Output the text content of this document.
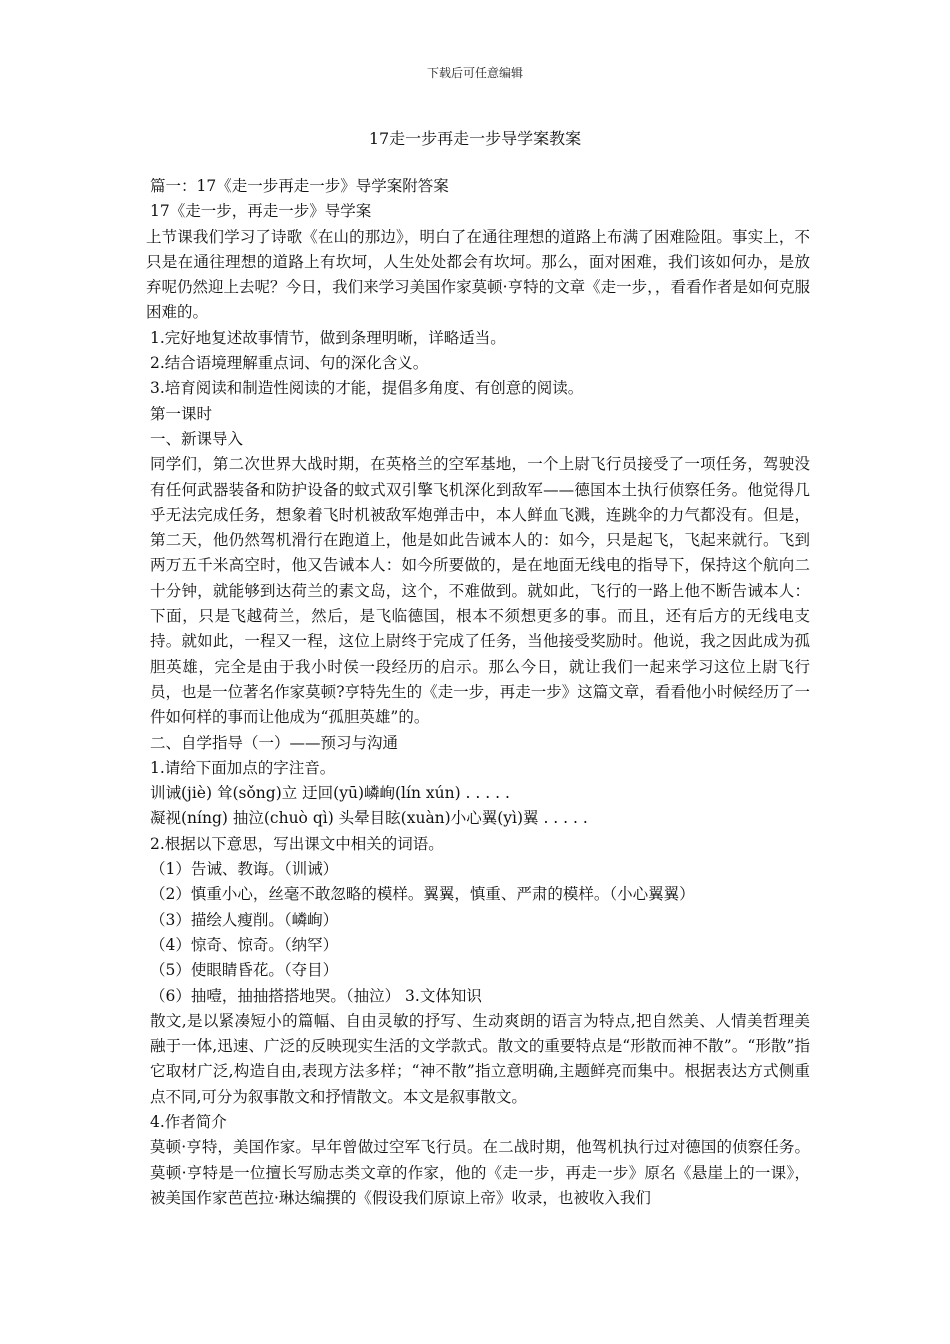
下载后可任意编辑
17走一步再走一步导学案教案

篇一：17《走一步再走一步》导学案附答案

17《走一步，再走一步》导学案

上节课我们学习了诗歌《在山的那边》，明白了在通往理想的道路上布满了困难险阻。事实上，不只是在通往理想的道路上有坎坷，人生处处都会有坎坷。那么，面对困难，我们该如何办，是放弃呢仍然迎上去呢？今日，我们来学习美国作家莫顿·亨特的文章《走一步，，看看作者是如何克服困难的。

1.完好地复述故事情节，做到条理明晰，详略适当。

2.结合语境理解重点词、句的深化含义。

3.培育阅读和制造性阅读的才能，提倡多角度、有创意的阅读。

第一课时

一、新课导入

同学们，第二次世界大战时期，在英格兰的空军基地，一个上尉飞行员接受了一项任务，驾驶没有任何武器装备和防护设备的蚊式双引擎飞机深化到敌军——德国本土执行侦察任务。他觉得几乎无法完成任务，想象着飞时机被敌军炮弹击中，本人鲜血飞溅，连跳伞的力气都没有。但是，第二天，他仍然驾机滑行在跑道上，他是如此告诫本人的：如今，只是起飞，飞起来就行。飞到两万五千米高空时，他又告诫本人：如今所要做的，是在地面无线电的指导下，保持这个航向二十分钟，就能够到达荷兰的素文岛，这个，不难做到。就如此，飞行的一路上他不断告诫本人：下面，只是飞越荷兰，然后，是飞临德国，根本不须想更多的事。而且，还有后方的无线电支持。就如此，一程又一程，这位上尉终于完成了任务，当他接受奖励时。他说，我之因此成为孤胆英雄，完全是由于我小时侯一段经历的启示。那么今日，就让我们一起来学习这位上尉飞行员，也是一位著名作家莫顿?亨特先生的《走一步，再走一步》这篇文章，看看他小时候经历了一件如何样的事而让他成为“孤胆英雄”的。

二、自学指导（一）——预习与沟通

1.请给下面加点的字注音。

训诫(jiè) 耸(sǒng)立 迂回(yū)嶙峋(lín xún) . . . . .

凝视(níng) 抽泣(chuò qì) 头晕目眩(xuàn)小心翼(yì)翼 . . . . .

2.根据以下意思，写出课文中相关的词语。

（1）告诫、教诲。（训诫）

（2）慎重小心，丝毫不敢忽略的模样。翼翼，慎重、严肃的模样。（小心翼翼）

（3）描绘人瘦削。（嶙峋）

（4）惊奇、惊奇。（纳罕）

（5）使眼睛昏花。（夺目）

（6）抽噎，抽抽搭搭地哭。（抽泣） 3.文体知识

散文,是以紧凑短小的篇幅、自由灵敏的抒写、生动爽朗的语言为特点,把自然美、人情美哲理美融于一体,迅速、广泛的反映现实生活的文学款式。散文的重要特点是“形散而神不散”。“形散”指它取材广泛,构造自由,表现方法多样；“神不散”指立意明确,主题鲜亮而集中。根据表达方式侧重点不同,可分为叙事散文和抒情散文。本文是叙事散文。

4.作者简介

莫顿·亨特，美国作家。早年曾做过空军飞行员。在二战时期，他驾机执行过对德国的侦察任务。莫顿·亨特是一位擅长写励志类文章的作家，他的《走一步，再走一步》原名《悬崖上的一课》，被美国作家芭芭拉·琳达编撰的《假设我们原谅上帝》收录，也被收入我们
